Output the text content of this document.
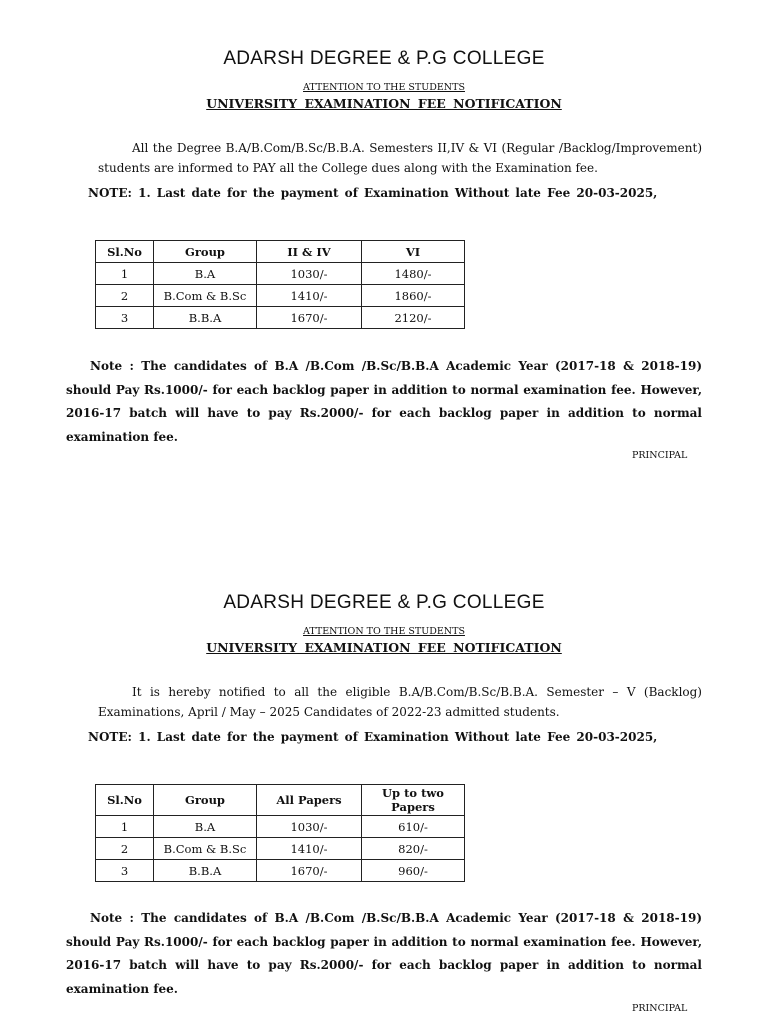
ADARSH DEGREE & P.G COLLEGE
ATTENTION TO THE STUDENTS
UNIVERSITY EXAMINATION FEE NOTIFICATION
All the Degree B.A/B.Com/B.Sc/B.B.A. Semesters II,IV & VI (Regular /Backlog/Improvement) students are informed to PAY all the College dues along with the Examination fee.
NOTE: 1. Last date for the payment of Examination Without late Fee 20-03-2025,
Sl.No	Group	II & IV	VI
1	B.A	1030/-	1480/-
2	B.Com & B.Sc	1410/-	1860/-
3	B.B.A	1670/-	2120/-
Note : The candidates of B.A /B.Com /B.Sc/B.B.A Academic Year (2017-18 & 2018-19) should Pay Rs.1000/- for each backlog paper in addition to normal examination fee. However, 2016-17 batch will have to pay Rs.2000/- for each backlog paper in addition to normal examination fee.
PRINCIPAL
ADARSH DEGREE & P.G COLLEGE
ATTENTION TO THE STUDENTS
UNIVERSITY EXAMINATION FEE NOTIFICATION
It is hereby notified to all the eligible B.A/B.Com/B.Sc/B.B.A. Semester – V (Backlog) Examinations, April / May – 2025 Candidates of 2022-23 admitted students.
NOTE: 1. Last date for the payment of Examination Without late Fee 20-03-2025,
Sl.No	Group	All Papers	Up to two Papers
1	B.A	1030/-	610/-
2	B.Com & B.Sc	1410/-	820/-
3	B.B.A	1670/-	960/-
Note : The candidates of B.A /B.Com /B.Sc/B.B.A Academic Year (2017-18 & 2018-19) should Pay Rs.1000/- for each backlog paper in addition to normal examination fee. However, 2016-17 batch will have to pay Rs.2000/- for each backlog paper in addition to normal examination fee.
PRINCIPAL
